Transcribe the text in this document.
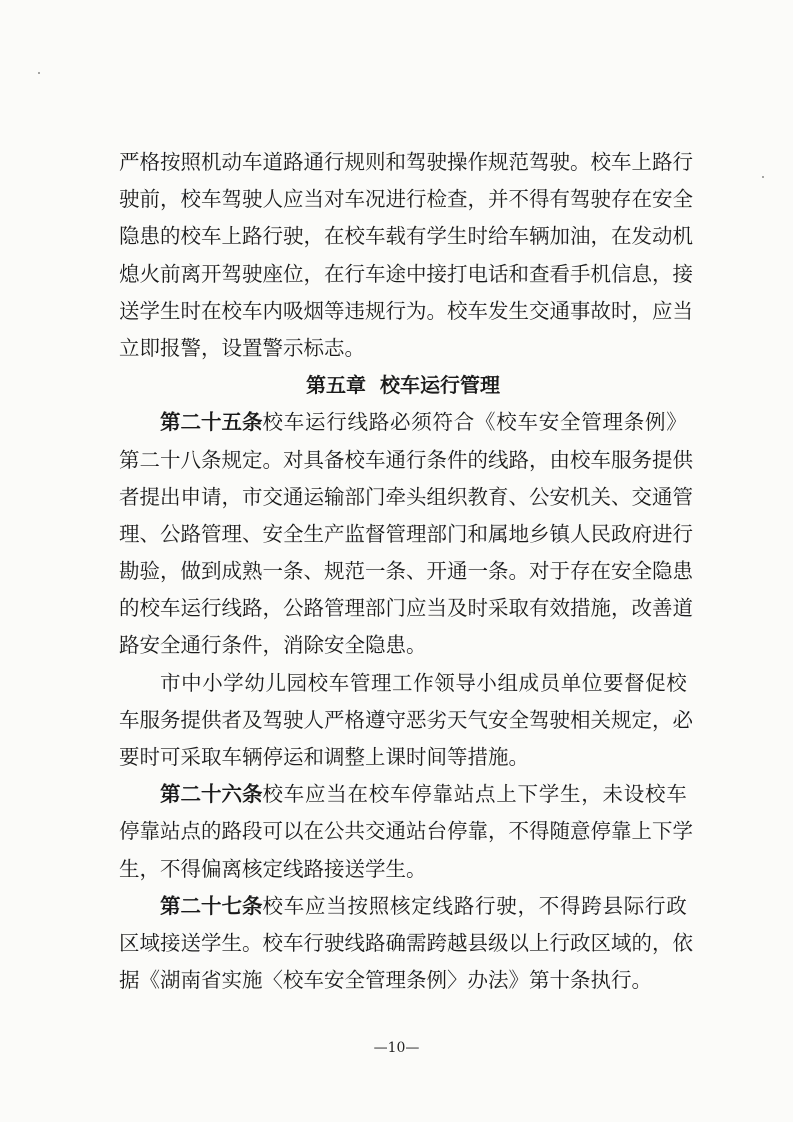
严 格 按 照 机 动 车 道 路 通 行 规 则 和 驾 驶 操 作 规 范 驾 驶 。 校 车 上 路 行
驶 前 ， 校 车 驾 驶 人 应 当 对 车 况 进 行 检 查 ， 并 不 得 有 驾 驶 存 在 安 全
隐 患 的 校 车 上 路 行 驶 ， 在 校 车 载 有 学 生 时 给 车 辆 加 油 ， 在 发 动 机
熄 火 前 离 开 驾 驶 座 位 ， 在 行 车 途 中 接 打 电 话 和 查 看 手 机 信 息 ， 接
送 学 生 时 在 校 车 内 吸 烟 等 违 规 行 为 。 校 车 发 生 交 通 事 故 时 ， 应 当
立 即 报 警 ， 设 置 警 示 标 志 。
第五章  校车运行管理
第二十五条 校 车 运 行 线 路 必 须 符 合 《 校 车 安 全 管 理 条 例 》
第 二 十 八 条 规 定 。 对 具 备 校 车 通 行 条 件 的 线 路 ， 由 校 车 服 务 提 供
者 提 出 申 请 ， 市 交 通 运 输 部 门 牵 头 组 织 教 育 、 公 安 机 关 、 交 通 管
理 、 公 路 管 理 、 安 全 生 产 监 督 管 理 部 门 和 属 地 乡 镇 人 民 政 府 进 行
勘 验 ， 做 到 成 熟 一 条 、 规 范 一 条 、 开 通 一 条 。 对 于 存 在 安 全 隐 患
的 校 车 运 行 线 路 ， 公 路 管 理 部 门 应 当 及 时 采 取 有 效 措 施 ， 改 善 道
路 安 全 通 行 条 件 ， 消 除 安 全 隐 患 。
市 中 小 学 幼 儿 园 校 车 管 理 工 作 领 导 小 组 成 员 单 位 要 督 促 校
车 服 务 提 供 者 及 驾 驶 人 严 格 遵 守 恶 劣 天 气 安 全 驾 驶 相 关 规 定 ， 必
要 时 可 采 取 车 辆 停 运 和 调 整 上 课 时 间 等 措 施 。
第二十六条 校 车 应 当 在 校 车 停 靠 站 点 上 下 学 生 ， 未 设 校 车
停 靠 站 点 的 路 段 可 以 在 公 共 交 通 站 台 停 靠 ， 不 得 随 意 停 靠 上 下 学
生 ， 不 得 偏 离 核 定 线 路 接 送 学 生 。
第二十七条 校 车 应 当 按 照 核 定 线 路 行 驶 ， 不 得 跨 县 际 行 政
区 域 接 送 学 生 。 校 车 行 驶 线 路 确 需 跨 越 县 级 以 上 行 政 区 域 的 ， 依
据 《 湖 南 省 实 施 〈 校 车 安 全 管 理 条 例 〉 办 法 》 第 十 条 执 行 。
—10—
